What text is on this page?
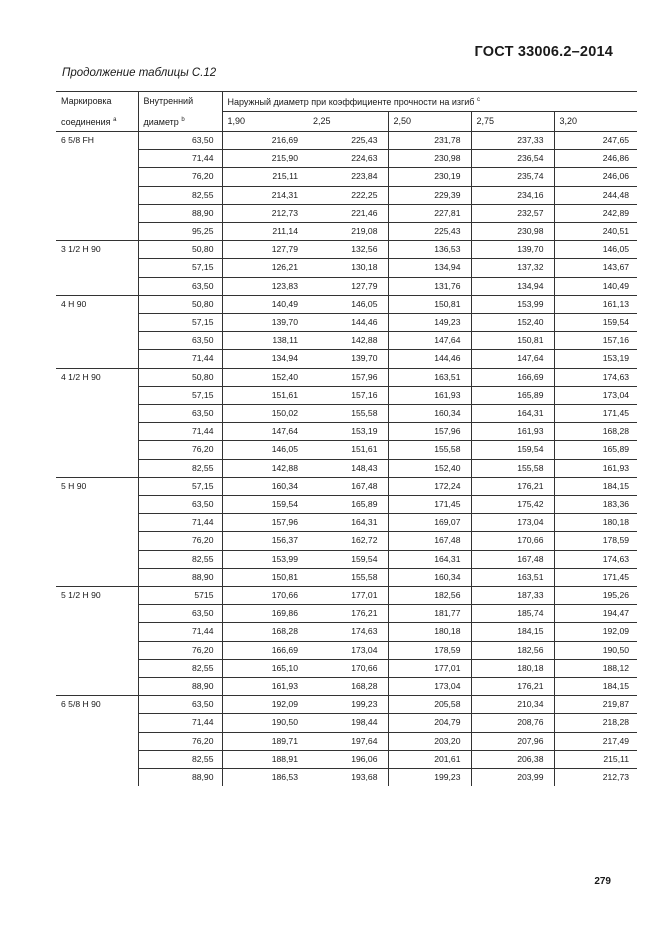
ГОСТ 33006.2–2014
Продолжение таблицы С.12
Маркировка	Внутренний	Наружный диаметр при коэффициенте прочности на изгиб $^с$
соединения $^а$	диаметр $^b$	1,90	2,25	2,50	2,75	3,20
6 5/8 FH	63,50	216,69	225,43	231,78	237,33	247,65
	71,44	215,90	224,63	230,98	236,54	246,86
	76,20	215,11	223,84	230,19	235,74	246,06
	82,55	214,31	222,25	229,39	234,16	244,48
	88,90	212,73	221,46	227,81	232,57	242,89
	95,25	211,14	219,08	225,43	230,98	240,51
3 1/2 H 90	50,80	127,79	132,56	136,53	139,70	146,05
	57,15	126,21	130,18	134,94	137,32	143,67
	63,50	123,83	127,79	131,76	134,94	140,49
4 H 90	50,80	140,49	146,05	150,81	153,99	161,13
	57,15	139,70	144,46	149,23	152,40	159,54
	63,50	138,11	142,88	147,64	150,81	157,16
	71,44	134,94	139,70	144,46	147,64	153,19
4 1/2 H 90	50,80	152,40	157,96	163,51	166,69	174,63
	57,15	151,61	157,16	161,93	165,89	173,04
	63,50	150,02	155,58	160,34	164,31	171,45
	71,44	147,64	153,19	157,96	161,93	168,28
	76,20	146,05	151,61	155,58	159,54	165,89
	82,55	142,88	148,43	152,40	155,58	161,93
5 H 90	57,15	160,34	167,48	172,24	176,21	184,15
	63,50	159,54	165,89	171,45	175,42	183,36
	71,44	157,96	164,31	169,07	173,04	180,18
	76,20	156,37	162,72	167,48	170,66	178,59
	82,55	153,99	159,54	164,31	167,48	174,63
	88,90	150,81	155,58	160,34	163,51	171,45
5 1/2 H 90	5715	170,66	177,01	182,56	187,33	195,26
	63,50	169,86	176,21	181,77	185,74	194,47
	71,44	168,28	174,63	180,18	184,15	192,09
	76,20	166,69	173,04	178,59	182,56	190,50
	82,55	165,10	170,66	177,01	180,18	188,12
	88,90	161,93	168,28	173,04	176,21	184,15
6 5/8 H 90	63,50	192,09	199,23	205,58	210,34	219,87
	71,44	190,50	198,44	204,79	208,76	218,28
	76,20	189,71	197,64	203,20	207,96	217,49
	82,55	188,91	196,06	201,61	206,38	215,11
	88,90	186,53	193,68	199,23	203,99	212,73
279
